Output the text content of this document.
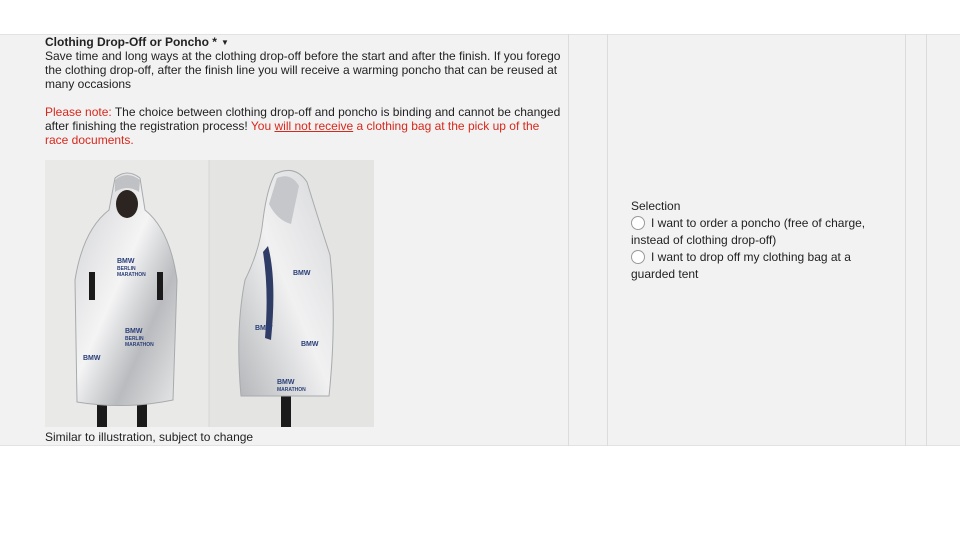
Clothing Drop-Off or Poncho * ▼
Save time and long ways at the clothing drop-off before the start and after the finish. If you forego the clothing drop-off, after the finish line you will receive a warming poncho that can be reused at many occasions
Please note: The choice between clothing drop-off and poncho is binding and cannot be changed after finishing the registration process! You will not receive a clothing bag at the pick up of the race documents.
BMW
BERLIN
MARATHON
BMW
BERLIN
MARATHON
BMW
BMW
MARATHON
BMW
BMW
BMW
Similar to illustration, subject to change
Selection
I want to order a poncho (free of charge, instead of clothing drop-off)
I want to drop off my clothing bag at a guarded tent
